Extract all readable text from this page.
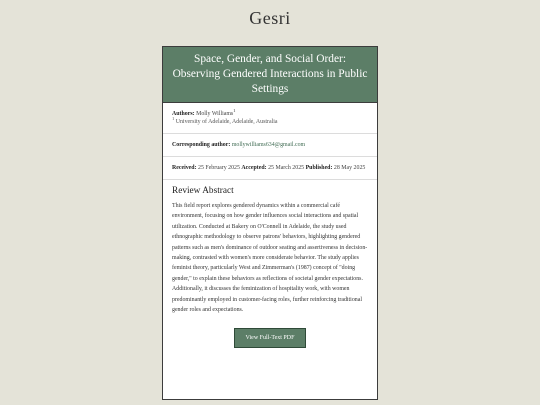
Gesri
Space, Gender, and Social Order: Observing Gendered Interactions in Public Settings
Authors: Molly Williams$^1$
$^1$ University of Adelaide, Adelaide, Australia
Corresponding author: mollywilliams634@gmail.com
Received: 25 February 2025 Accepted: 25 March 2025 Published: 28 May 2025
Review Abstract

This field report explores gendered dynamics within a commercial café environment, focusing on how gender influences social interactions and spatial utilization. Conducted at Bakery on O'Connell in Adelaide, the study used ethnographic methodology to observe patrons' behaviors, highlighting gendered patterns such as men's dominance of outdoor seating and assertiveness in decision-making, contrasted with women's more considerate behavior. The study applies feminist theory, particularly West and Zimmerman's (1987) concept of "doing gender," to explain these behaviors as reflections of societal gender expectations. Additionally, it discusses the feminization of hospitality work, with women predominantly employed in customer-facing roles, further reinforcing traditional gender roles and expectations.

View Full-Text PDF
